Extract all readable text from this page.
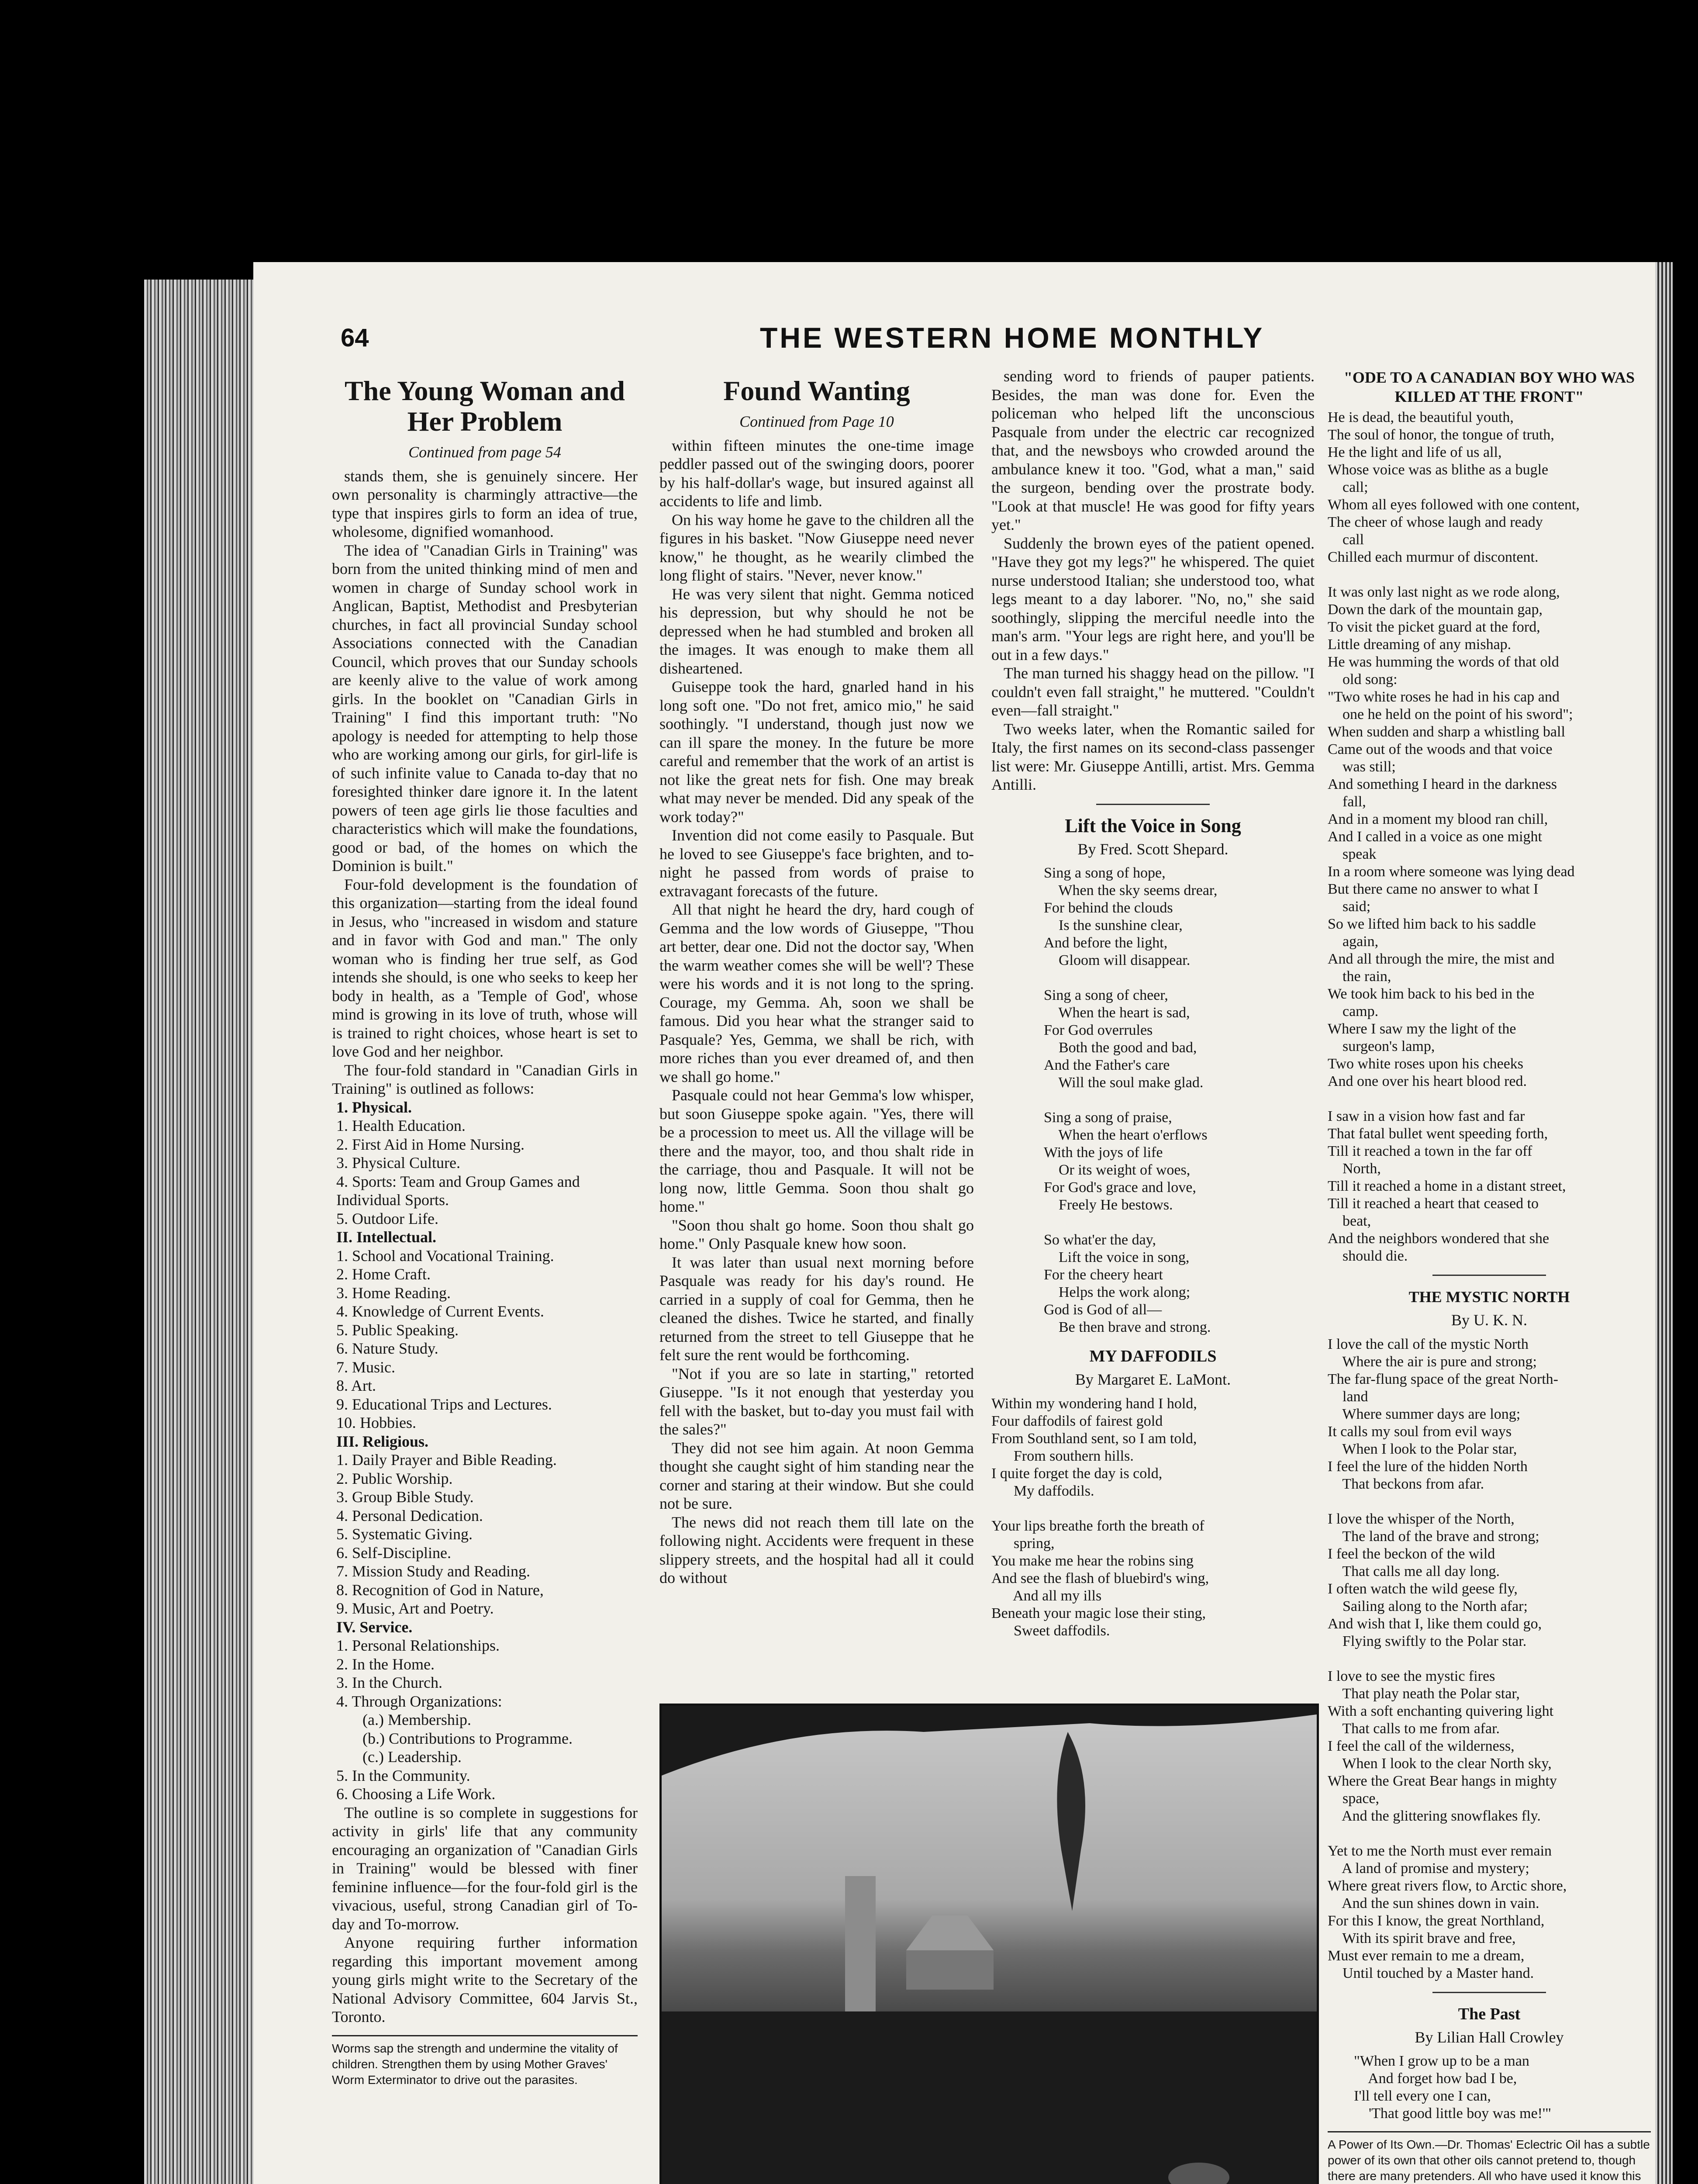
64	THE WESTERN HOME MONTHLY
The Young Woman and Her Problem
Continued from page 54

stands them, she is genuinely sincere. Her own personality is charmingly attractive—the type that inspires girls to form an idea of true, wholesome, dignified womanhood.

The idea of "Canadian Girls in Training" was born from the united thinking mind of men and women in charge of Sunday school work in Anglican, Baptist, Methodist and Presbyterian churches, in fact all provincial Sunday school Associations connected with the Canadian Council, which proves that our Sunday schools are keenly alive to the value of work among girls. In the booklet on "Canadian Girls in Training" I find this important truth: "No apology is needed for attempting to help those who are working among our girls, for girl-life is of such infinite value to Canada to-day that no foresighted thinker dare ignore it. In the latent powers of teen age girls lie those faculties and characteristics which will make the foundations, good or bad, of the homes on which the Dominion is built."

Four-fold development is the foundation of this organization—starting from the ideal found in Jesus, who "increased in wisdom and stature and in favor with God and man." The only woman who is finding her true self, as God intends she should, is one who seeks to keep her body in health, as a 'Temple of God', whose mind is growing in its love of truth, whose will is trained to right choices, whose heart is set to love God and her neighbor.

The four-fold standard in "Canadian Girls in Training" is outlined as follows:

1. Physical.
1. Health Education.
2. First Aid in Home Nursing.
3. Physical Culture.
4. Sports: Team and Group Games and Individual Sports.
5. Outdoor Life.
II. Intellectual.
1. School and Vocational Training.
2. Home Craft.
3. Home Reading.
4. Knowledge of Current Events.
5. Public Speaking.
6. Nature Study.
7. Music.
8. Art.
9. Educational Trips and Lectures.
10. Hobbies.
III. Religious.
1. Daily Prayer and Bible Reading.
2. Public Worship.
3. Group Bible Study.
4. Personal Dedication.
5. Systematic Giving.
6. Self-Discipline.
7. Mission Study and Reading.
8. Recognition of God in Nature,
9. Music, Art and Poetry.
IV. Service.
1. Personal Relationships.
2. In the Home.
3. In the Church.
4. Through Organizations:
(a.) Membership.
(b.) Contributions to Programme.
(c.) Leadership.
5. In the Community.
6. Choosing a Life Work.

The outline is so complete in suggestions for activity in girls' life that any community encouraging an organization of "Canadian Girls in Training" would be blessed with finer feminine influence—for the four-fold girl is the vivacious, useful, strong Canadian girl of To-day and To-morrow.

Anyone requiring further information regarding this important movement among young girls might write to the Secretary of the National Advisory Committee, 604 Jarvis St., Toronto.

Worms sap the strength and undermine the vitality of children. Strengthen them by using Mother Graves' Worm Exterminator to drive out the parasites.
Found Wanting
Continued from Page 10

within fifteen minutes the one-time image peddler passed out of the swinging doors, poorer by his half-dollar's wage, but insured against all accidents to life and limb.

On his way home he gave to the children all the figures in his basket. "Now Giuseppe need never know," he thought, as he wearily climbed the long flight of stairs. "Never, never know."

He was very silent that night. Gemma noticed his depression, but why should he not be depressed when he had stumbled and broken all the images. It was enough to make them all disheartened.

Guiseppe took the hard, gnarled hand in his long soft one. "Do not fret, amico mio," he said soothingly. "I understand, though just now we can ill spare the money. In the future be more careful and remember that the work of an artist is not like the great nets for fish. One may break what may never be mended. Did any speak of the work today?"

Invention did not come easily to Pasquale. But he loved to see Giuseppe's face brighten, and to-night he passed from words of praise to extravagant forecasts of the future.

All that night he heard the dry, hard cough of Gemma and the low words of Giuseppe, "Thou art better, dear one. Did not the doctor say, 'When the warm weather comes she will be well'? These were his words and it is not long to the spring. Courage, my Gemma. Ah, soon we shall be famous. Did you hear what the stranger said to Pasquale? Yes, Gemma, we shall be rich, with more riches than you ever dreamed of, and then we shall go home."

Pasquale could not hear Gemma's low whisper, but soon Giuseppe spoke again. "Yes, there will be a procession to meet us. All the village will be there and the mayor, too, and thou shalt ride in the carriage, thou and Pasquale. It will not be long now, little Gemma. Soon thou shalt go home."

"Soon thou shalt go home. Soon thou shalt go home." Only Pasquale knew how soon.

It was later than usual next morning before Pasquale was ready for his day's round. He carried in a supply of coal for Gemma, then he cleaned the dishes. Twice he started, and finally returned from the street to tell Giuseppe that he felt sure the rent would be forthcoming.

"Not if you are so late in starting," retorted Giuseppe. "Is it not enough that yesterday you fell with the basket, but to-day you must fail with the sales?"

They did not see him again. At noon Gemma thought she caught sight of him standing near the corner and staring at their window. But she could not be sure.

The news did not reach them till late on the following night. Accidents were frequent in these slippery streets, and the hospital had all it could do without

sending word to friends of pauper patients. Besides, the man was done for. Even the policeman who helped lift the unconscious Pasquale from under the electric car recognized that, and the newsboys who crowded around the ambulance knew it too. "God, what a man," said the surgeon, bending over the prostrate body. "Look at that muscle! He was good for fifty years yet."

Suddenly the brown eyes of the patient opened. "Have they got my legs?" he whispered. The quiet nurse understood Italian; she understood too, what legs meant to a day laborer. "No, no," she said soothingly, slipping the merciful needle into the man's arm. "Your legs are right here, and you'll be out in a few days."

The man turned his shaggy head on the pillow. "I couldn't even fall straight," he muttered. "Couldn't even—fall straight."

Two weeks later, when the Romantic sailed for Italy, the first names on its second-class passenger list were: Mr. Giuseppe Antilli, artist. Mrs. Gemma Antilli.

Lift the Voice in Song
By Fred. Scott Shepard.
Sing a song of hope,
When the sky seems drear,
For behind the clouds
Is the sunshine clear,
And before the light,
Gloom will disappear.

Sing a song of cheer,
When the heart is sad,
For God overrules
Both the good and bad,
And the Father's care
Will the soul make glad.

Sing a song of praise,
When the heart o'erflows
With the joys of life
Or its weight of woes,
For God's grace and love,
Freely He bestows.

So what'er the day,
Lift the voice in song,
For the cheery heart
Helps the work along;
God is God of all—
Be then brave and strong.
MY DAFFODILS
By Margaret E. LaMont.
Within my wondering hand I hold,
Four daffodils of fairest gold
From Southland sent, so I am told,
From southern hills.
I quite forget the day is cold,
My daffodils.

Your lips breathe forth the breath of
spring,
You make me hear the robins sing
And see the flash of bluebird's wing,
And all my ills
Beneath your magic lose their sting,
Sweet daffodils.
"ODE TO A CANADIAN BOY WHO WAS KILLED AT THE FRONT"
He is dead, the beautiful youth,
The soul of honor, the tongue of truth,
He the light and life of us all,
Whose voice was as blithe as a bugle
call;
Whom all eyes followed with one content,
The cheer of whose laugh and ready
call
Chilled each murmur of discontent.

It was only last night as we rode along,
Down the dark of the mountain gap,
To visit the picket guard at the ford,
Little dreaming of any mishap.
He was humming the words of that old
old song:
"Two white roses he had in his cap and
one he held on the point of his sword";
When sudden and sharp a whistling ball
Came out of the woods and that voice
was still;
And something I heard in the darkness
fall,
And in a moment my blood ran chill,
And I called in a voice as one might
speak
In a room where someone was lying dead
But there came no answer to what I
said;
So we lifted him back to his saddle
again,
And all through the mire, the mist and
the rain,
We took him back to his bed in the
camp.
Where I saw my the light of the
surgeon's lamp,
Two white roses upon his cheeks
And one over his heart blood red.

I saw in a vision how fast and far
That fatal bullet went speeding forth,
Till it reached a town in the far off
North,
Till it reached a home in a distant street,
Till it reached a heart that ceased to
beat,
And the neighbors wondered that she
should die.
THE MYSTIC NORTH
By U. K. N.
I love the call of the mystic North
Where the air is pure and strong;
The far-flung space of the great North-
land
Where summer days are long;
It calls my soul from evil ways
When I look to the Polar star,
I feel the lure of the hidden North
That beckons from afar.

I love the whisper of the North,
The land of the brave and strong;
I feel the beckon of the wild
That calls me all day long.
I often watch the wild geese fly,
Sailing along to the North afar;
And wish that I, like them could go,
Flying swiftly to the Polar star.

I love to see the mystic fires
That play neath the Polar star,
With a soft enchanting quivering light
That calls to me from afar.
I feel the call of the wilderness,
When I look to the clear North sky,
Where the Great Bear hangs in mighty
space,
And the glittering snowflakes fly.

Yet to me the North must ever remain
A land of promise and mystery;
Where great rivers flow, to Arctic shore,
And the sun shines down in vain.
For this I know, the great Northland,
With its spirit brave and free,
Must ever remain to me a dream,
Until touched by a Master hand.
The Past
By Lilian Hall Crowley
"When I grow up to be a man
And forget how bad I be,
I'll tell every one I can,
'That good little boy was me!'"
A Power of Its Own.—Dr. Thomas' Eclectric Oil has a subtle power of its own that other oils cannot pretend to, though there are many pretenders. All who have used it know this
